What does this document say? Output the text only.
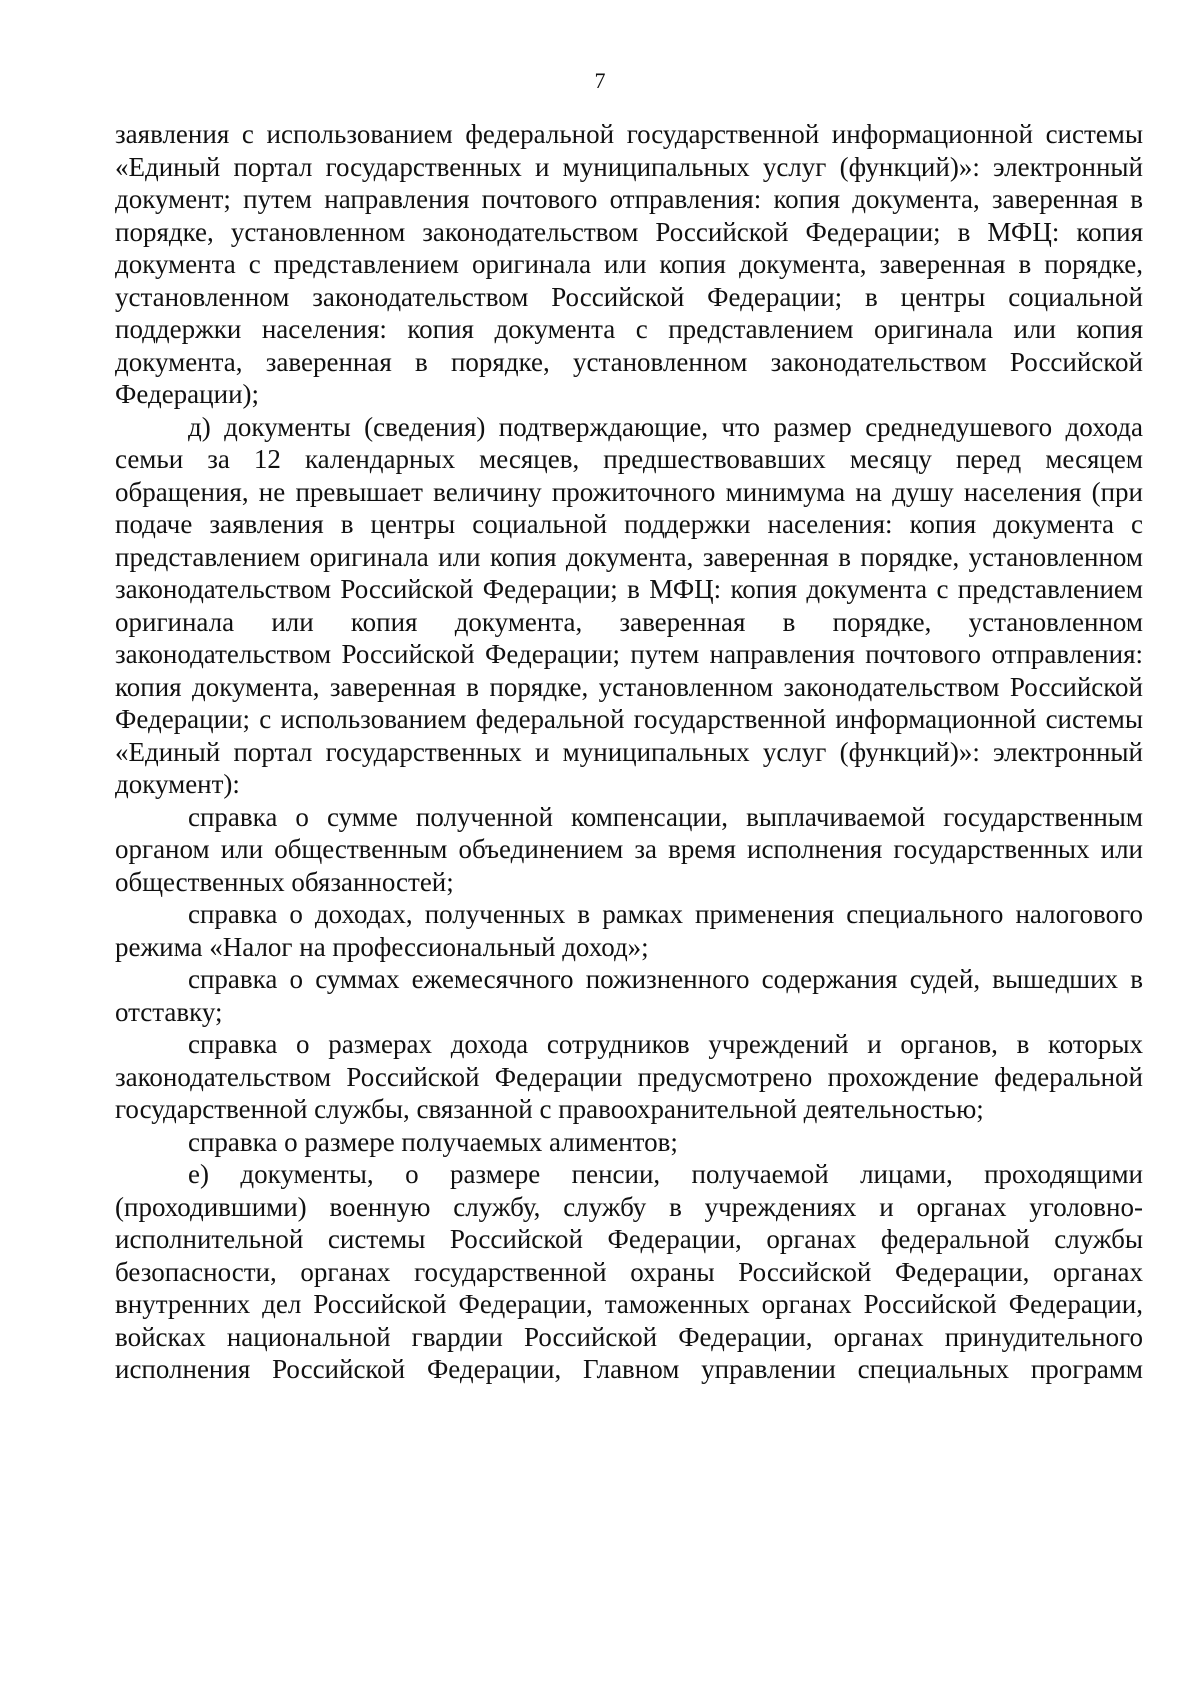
7

заявления с использованием федеральной государственной информационной системы «Единый портал государственных и муниципальных услуг (функций)»: электронный документ; путем направления почтового отправления: копия документа, заверенная в порядке, установленном законодательством Российской Федерации; в МФЦ: копия документа с представлением оригинала или копия документа, заверенная в порядке, установленном законодательством Российской Федерации; в центры социальной поддержки населения: копия документа с представлением оригинала или копия документа, заверенная в порядке, установленном законодательством Российской Федерации);

д) документы (сведения) подтверждающие, что размер среднедушевого дохода семьи за 12 календарных месяцев, предшествовавших месяцу перед месяцем обращения, не превышает величину прожиточного минимума на душу населения (при подаче заявления в центры социальной поддержки населения: копия документа с представлением оригинала или копия документа, заверенная в порядке, установленном законодательством Российской Федерации; в МФЦ: копия документа с представлением оригинала или копия документа, заверенная в порядке, установленном законодательством Российской Федерации; путем направления почтового отправления: копия документа, заверенная в порядке, установленном законодательством Российской Федерации; с использованием федеральной государственной информационной системы «Единый портал государственных и муниципальных услуг (функций)»: электронный документ):

справка о сумме полученной компенсации, выплачиваемой государственным органом или общественным объединением за время исполнения государственных или общественных обязанностей;

справка о доходах, полученных в рамках применения специального налогового режима «Налог на профессиональный доход»;

справка о суммах ежемесячного пожизненного содержания судей, вышедших в отставку;

справка о размерах дохода сотрудников учреждений и органов, в которых законодательством Российской Федерации предусмотрено прохождение федеральной государственной службы, связанной с правоохранительной деятельностью;

справка о размере получаемых алиментов;

е) документы, о размере пенсии, получаемой лицами, проходящими (проходившими) военную службу, службу в учреждениях и органах уголовно-исполнительной системы Российской Федерации, органах федеральной службы безопасности, органах государственной охраны Российской Федерации, органах внутренних дел Российской Федерации, таможенных органах Российской Федерации, войсках национальной гвардии Российской Федерации, органах принудительного исполнения Российской Федерации, Главном управлении специальных программ
